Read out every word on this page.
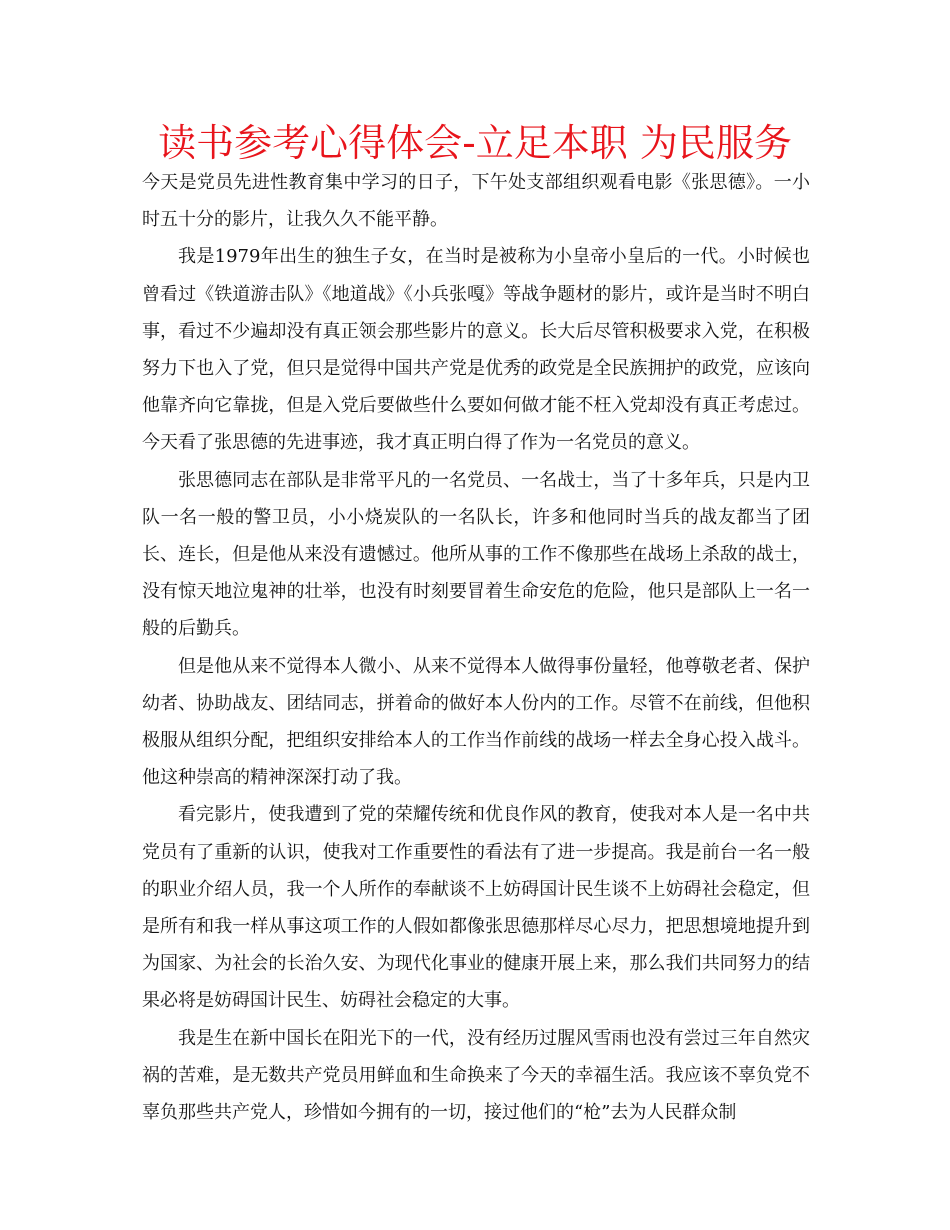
读书参考心得体会-立足本职 为民服务

今天是党员先进性教育集中学习的日子，下午处支部组织观看电影《张思德》。一小时五十分的影片，让我久久不能平静。

我是1979年出生的独生子女，在当时是被称为小皇帝小皇后的一代。小时候也曾看过《铁道游击队》《地道战》《小兵张嘎》等战争题材的影片，或许是当时不明白事，看过不少遍却没有真正领会那些影片的意义。长大后尽管积极要求入党，在积极努力下也入了党，但只是觉得中国共产党是优秀的政党是全民族拥护的政党，应该向他靠齐向它靠拢，但是入党后要做些什么要如何做才能不枉入党却没有真正考虑过。今天看了张思德的先进事迹，我才真正明白得了作为一名党员的意义。

张思德同志在部队是非常平凡的一名党员、一名战士，当了十多年兵，只是内卫队一名一般的警卫员，小小烧炭队的一名队长，许多和他同时当兵的战友都当了团长、连长，但是他从来没有遗憾过。他所从事的工作不像那些在战场上杀敌的战士，没有惊天地泣鬼神的壮举，也没有时刻要冒着生命安危的危险，他只是部队上一名一般的后勤兵。

但是他从来不觉得本人微小、从来不觉得本人做得事份量轻，他尊敬老者、保护幼者、协助战友、团结同志，拼着命的做好本人份内的工作。尽管不在前线，但他积极服从组织分配，把组织安排给本人的工作当作前线的战场一样去全身心投入战斗。他这种崇高的精神深深打动了我。

看完影片，使我遭到了党的荣耀传统和优良作风的教育，使我对本人是一名中共党员有了重新的认识，使我对工作重要性的看法有了进一步提高。我是前台一名一般的职业介绍人员，我一个人所作的奉献谈不上妨碍国计民生谈不上妨碍社会稳定，但是所有和我一样从事这项工作的人假如都像张思德那样尽心尽力，把思想境地提升到为国家、为社会的长治久安、为现代化事业的健康开展上来，那么我们共同努力的结果必将是妨碍国计民生、妨碍社会稳定的大事。

我是生在新中国长在阳光下的一代，没有经历过腥风雪雨也没有尝过三年自然灾祸的苦难，是无数共产党员用鲜血和生命换来了今天的幸福生活。我应该不辜负党不辜负那些共产党人，珍惜如今拥有的一切，接过他们的“枪”去为人民群众制
